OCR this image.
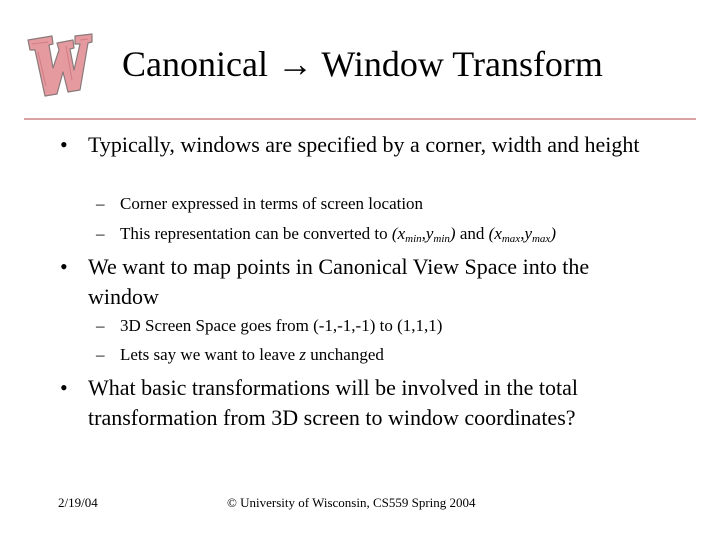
Canonical → Window Transform
• Typically, windows are specified by a corner, width and height
– Corner expressed in terms of screen location
– This representation can be converted to $(x_{min},y_{min})$ and $(x_{max},y_{max})$
• We want to map points in Canonical View Space into the window
– 3D Screen Space goes from (-1,-1,-1) to (1,1,1)
– Lets say we want to leave z unchanged
• What basic transformations will be involved in the total transformation from 3D screen to window coordinates?
2/19/04	© University of Wisconsin, CS559 Spring 2004
